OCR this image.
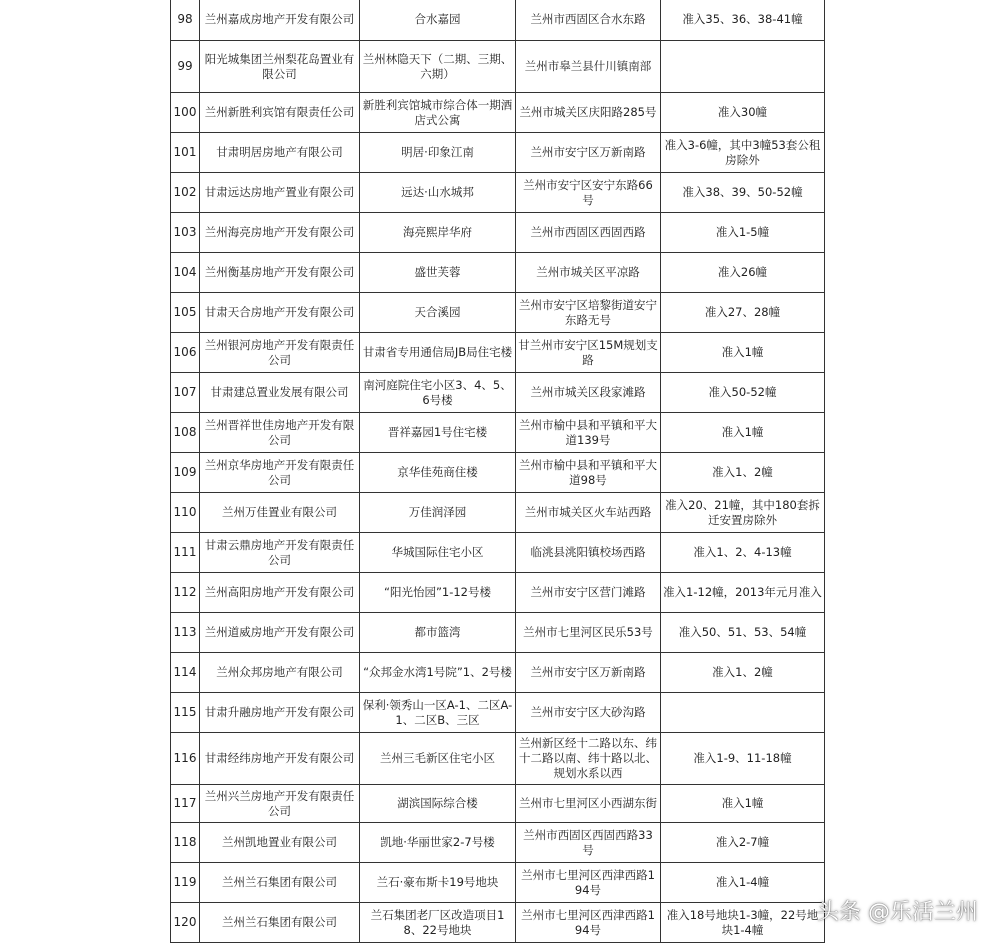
98	兰州嘉成房地产开发有限公司	合水嘉园	兰州市西固区合水东路	准入35、36、38-41幢
99	阳光城集团兰州梨花岛置业有限公司	兰州林隐天下（二期、三期、六期）	兰州市皋兰县什川镇南部	
100	兰州新胜利宾馆有限责任公司	新胜利宾馆城市综合体一期酒店式公寓	兰州市城关区庆阳路285号	准入30幢
101	甘肃明居房地产有限公司	明居·印象江南	兰州市安宁区万新南路	准入3-6幢，其中3幢53套公租房除外
102	甘肃远达房地产置业有限公司	远达·山水城邦	兰州市安宁区安宁东路66号	准入38、39、50-52幢
103	兰州海亮房地产开发有限公司	海亮熙岸华府	兰州市西固区西固西路	准入1-5幢
104	兰州衡基房地产开发有限公司	盛世芙蓉	兰州市城关区平凉路	准入26幢
105	甘肃天合房地产开发有限公司	天合溪园	兰州市安宁区培黎街道安宁东路无号	准入27、28幢
106	兰州银河房地产开发有限责任公司	甘肃省专用通信局JB局住宅楼	甘兰州市安宁区15M规划支路	准入1幢
107	甘肃建总置业发展有限公司	南河庭院住宅小区3、4、5、6号楼	兰州市城关区段家滩路	准入50-52幢
108	兰州晋祥世佳房地产开发有限公司	晋祥嘉园1号住宅楼	兰州市榆中县和平镇和平大道139号	准入1幢
109	兰州京华房地产开发有限责任公司	京华佳苑商住楼	兰州市榆中县和平镇和平大道98号	准入1、2幢
110	兰州万佳置业有限公司	万佳润泽园	兰州市城关区火车站西路	准入20、21幢，其中180套拆迁安置房除外
111	甘肃云鼎房地产开发有限责任公司	华城国际住宅小区	临洮县洮阳镇校场西路	准入1、2、4-13幢
112	兰州高阳房地产开发有限公司	“阳光怡园”1-12号楼	兰州市安宁区营门滩路	准入1-12幢，2013年元月准入
113	兰州道威房地产开发有限公司	都市篮湾	兰州市七里河区民乐53号	准入50、51、53、54幢
114	兰州众邦房地产有限公司	“众邦金水湾1号院”1、2号楼	兰州市安宁区万新南路	准入1、2幢
115	甘肃升融房地产开发有限公司	保利·领秀山一区A-1、二区A-1、二区B、三区	兰州市安宁区大砂沟路	
116	甘肃经纬房地产开发有限公司	兰州三毛新区住宅小区	兰州新区经十二路以东、纬十二路以南、纬十路以北、规划水系以西	准入1-9、11-18幢
117	兰州兴兰房地产开发有限责任公司	湖滨国际综合楼	兰州市七里河区小西湖东街	准入1幢
118	兰州凯地置业有限公司	凯地·华丽世家2-7号楼	兰州市西固区西固西路33号	准入2-7幢
119	兰州兰石集团有限公司	兰石·豪布斯卡19号地块	兰州市七里河区西津西路194号	准入1-4幢
120	兰州兰石集团有限公司	兰石集团老厂区改造项目18、22号地块	兰州市七里河区西津西路194号	准入18号地块1-3幢，22号地块1-4幢
头条 @乐活兰州
